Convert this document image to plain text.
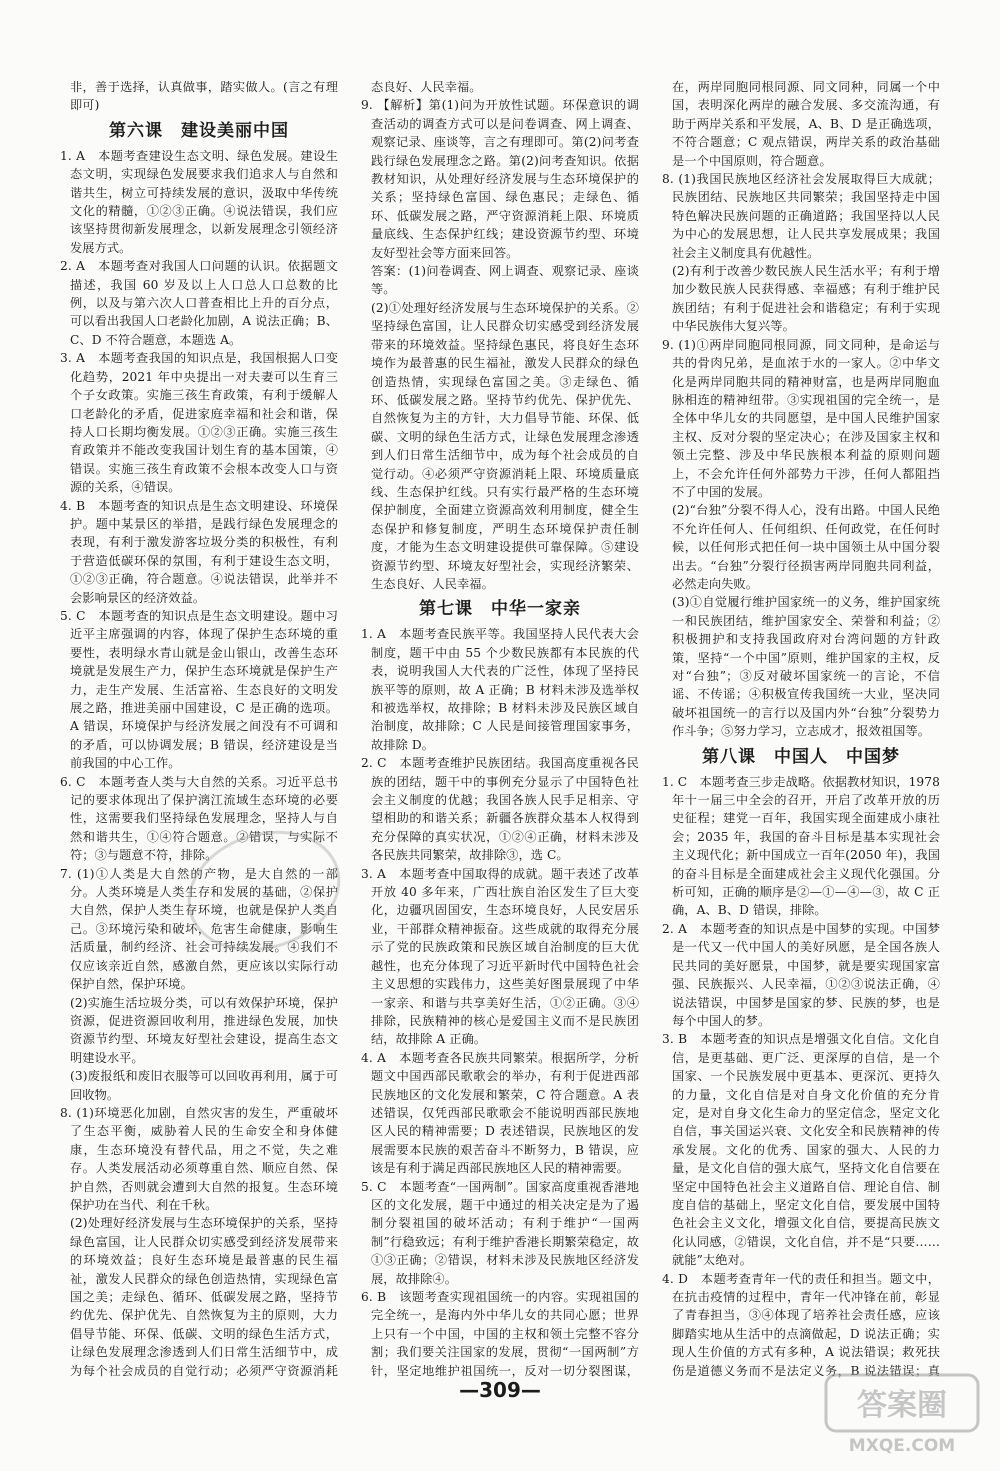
非，善于选择，认真做事，踏实做人。(言之有理即可)

第六课　建设美丽中国

1. A　本题考查建设生态文明、绿色发展。建设生态文明，实现绿色发展要求我们追求人与自然和谐共生，树立可持续发展的意识，汲取中华传统文化的精髓，①②③正确。④说法错误，我们应该坚持贯彻新发展理念，以新发展理念引领经济发展方式。

2. A　本题考查对我国人口问题的认识。依据题文描述，我国 60 岁及以上人口总人口总数的比例，以及与第六次人口普查相比上升的百分点，可以看出我国人口老龄化加剧，A 说法正确；B、C、D 不符合题意，本题选 A。

3. A　本题考查我国的知识点是，我国根据人口变化趋势，2021 年中央提出一对夫妻可以生育三个子女政策。实施三孩生育政策，有利于缓解人口老龄化的矛盾，促进家庭幸福和社会和谐，保持人口长期均衡发展。①②③正确。实施三孩生育政策并不能改变我国计划生育的基本国策，④错误。实施三孩生育政策不会根本改变人口与资源的关系，④错误。

4. B　本题考查的知识点是生态文明建设、环境保护。题中某景区的举措，是践行绿色发展理念的表现，有利于激发游客垃圾分类的积极性，有利于营造低碳环保的氛围，有利于建设生态文明，①②③正确，符合题意。④说法错误，此举并不会影响景区的经济效益。

5. C　本题考查的知识点是生态文明建设。题中习近平主席强调的内容，体现了保护生态环境的重要性，表明绿水青山就是金山银山，改善生态环境就是发展生产力，保护生态环境就是保护生产力，走生产发展、生活富裕、生态良好的文明发展之路，推进美丽中国建设，C 是正确的选项。A 错误，环境保护与经济发展之间没有不可调和的矛盾，可以协调发展；B 错误，经济建设是当前我国的中心工作。

6. C　本题考查人类与大自然的关系。习近平总书记的要求体现出了保护漓江流域生态环境的必要性，这需要我们坚持绿色发展理念，坚持人与自然和谐共生，①④符合题意。②错误，与实际不符；③与题意不符，排除。

7. (1)①人类是大自然的产物，是大自然的一部分。人类环境是人类生存和发展的基础，②保护大自然，保护人类生存环境，也就是保护人类自己。③环境污染和破坏，危害生命健康，影响生活质量，制约经济、社会可持续发展。④我们不仅应该亲近自然，感激自然，更应该以实际行动保护自然，保护环境。

(2)实施生活垃圾分类，可以有效保护环境，保护资源，促进资源回收利用，推进绿色发展，加快资源节约型、环境友好型社会建设，提高生态文明建设水平。

(3)废报纸和废旧衣服等可以回收再利用，属于可回收物。

8. (1)环境恶化加剧，自然灾害的发生，严重破坏了生态平衡，威胁着人民的生命安全和身体健康，生态环境没有替代品，用之不觉，失之难存。人类发展活动必须尊重自然、顺应自然、保护自然，否则就会遭到大自然的报复。生态环境保护功在当代、利在千秋。

(2)处理好经济发展与生态环境保护的关系，坚持绿色富国，让人民群众切实感受到经济发展带来的环境效益；良好生态环境是最普惠的民生福祉，激发人民群众的绿色创造热情，实现绿色富国之美；走绿色、循环、低碳发展之路，坚持节约优先、保护优先、自然恢复为主的原则，大力倡导节能、环保、低碳、文明的绿色生活方式，让绿色发展理念渗透到人们日常生活细节中，成为每个社会成员的自觉行动；必须严守资源消耗

态良好、人民幸福。

9. 【解析】第(1)问为开放性试题。环保意识的调查活动的调查方式可以是问卷调查、网上调查、观察记录、座谈等，言之有理即可。第(2)问考查践行绿色发展理念之路。第(2)问考查知识。依据教材知识，从处理好经济发展与生态环境保护的关系；坚持绿色富国、绿色惠民；走绿色、循环、低碳发展之路，严守资源消耗上限、环境质量底线、生态保护红线；建设资源节约型、环境友好型社会等方面来回答。

答案：(1)问卷调查、网上调查、观察记录、座谈等。

(2)①处理好经济发展与生态环境保护的关系。②坚持绿色富国，让人民群众切实感受到经济发展带来的环境效益。坚持绿色惠民，将良好生态环境作为最普惠的民生福祉，激发人民群众的绿色创造热情，实现绿色富国之美。③走绿色、循环、低碳发展之路。坚持节约优先、保护优先、自然恢复为主的方针，大力倡导节能、环保、低碳、文明的绿色生活方式，让绿色发展理念渗透到人们日常生活细节中，成为每个社会成员的自觉行动。④必须严守资源消耗上限、环境质量底线、生态保护红线。只有实行最严格的生态环境保护制度，全面建立资源高效利用制度，健全生态保护和修复制度，严明生态环境保护责任制度，才能为生态文明建设提供可靠保障。⑤建设资源节约型、环境友好型社会，实现经济繁荣、生态良好、人民幸福。

第七课　中华一家亲

1. A　本题考查民族平等。我国坚持人民代表大会制度，题干中由 55 个少数民族都有本民族的代表，说明我国人大代表的广泛性，体现了坚持民族平等的原则，故 A 正确；B 材料未涉及选举权和被选举权，故排除；B 材料未涉及民族区域自治制度，故排除；C 人民是间接管理国家事务，故排除 D。

2. C　本题考查维护民族团结。我国高度重视各民族的团结，题干中的事例充分显示了中国特色社会主义制度的优越；我国各族人民手足相亲、守望相助的和谐关系；新疆各族群众基本人权得到充分保障的真实状况，①②④正确，材料未涉及各民族共同繁荣，故排除③，选 C。

3. A　本题考查中国取得的成就。题干表述了改革开放 40 多年来，广西壮族自治区发生了巨大变化，边疆巩固国安，生态环境良好，人民安居乐业，干部群众精神振奋。这些成就的取得充分展示了党的民族政策和民族区域自治制度的巨大优越性，也充分体现了习近平新时代中国特色社会主义思想的实践伟力，这些美好图景展现了中华一家亲、和谐与共享美好生活，①②正确。③④排除，民族精神的核心是爱国主义而不是民族团结，故排除 A 正确。

4. A　本题考查各民族共同繁荣。根据所学，分析题文中国西部民歌歌会的举办，有利于促进西部民族地区的文化发展和繁荣，C 符合题意。A 表述错误，仅凭西部民歌歌会不能说明西部民族地区人民的精神需要；D 表述错误，民族地区的发展需要本民族的艰苦奋斗不断努力，B 错误，应该是有利于满足西部民族地区人民的精神需要。

5. C　本题考查“一国两制”。国家高度重视香港地区的文化发展，题干中通过的相关决定是为了遏制分裂祖国的破坏活动；有利于维护“一国两制”行稳致远；有利于维护香港长期繁荣稳定，故①③正确；②错误，材料未涉及民族地区经济发展，故排除④。

6. B　该题考查实现祖国统一的内容。实现祖国的完全统一，是海内外中华儿女的共同心愿；世界上只有一个中国，中国的主权和领土完整不容分割；我们要关注国家的发展，贯彻“一国两制”方针，坚定地维护祖国统一，反对一切分裂图谋，

在，两岸同胞同根同源、同文同种，同属一个中国，表明深化两岸的融合发展、多交流沟通，有助于两岸关系和平发展，A、B、D 是正确选项，不符合题意；C 观点错误，两岸关系的政治基础是一个中国原则，符合题意。

8. (1)我国民族地区经济社会发展取得巨大成就；民族团结、民族地区共同繁荣；我国坚持走中国特色解决民族问题的正确道路；我国坚持以人民为中心的发展思想，让人民共享发展成果；我国社会主义制度具有优越性。

(2)有利于改善少数民族人民生活水平；有利于增加少数民族人民获得感、幸福感；有利于维护民族团结；有利于促进社会和谐稳定；有利于实现中华民族伟大复兴等。

9. (1)①两岸同胞同根同源，同文同种，是命运与共的骨肉兄弟，是血浓于水的一家人。②中华文化是两岸同胞共同的精神财富，也是两岸同胞血脉相连的精神纽带。③实现祖国的完全统一，是全体中华儿女的共同愿望，是中国人民维护国家主权、反对分裂的坚定决心；在涉及国家主权和领土完整、涉及中华民族根本利益的原则问题上，不会允许任何外部势力干涉，任何人都阻挡不了中国的发展。

(2)“台独”分裂不得人心，没有出路。中国人民绝不允许任何人、任何组织、任何政党，在任何时候，以任何形式把任何一块中国领土从中国分裂出去。“台独”分裂行径损害两岸同胞共同利益，必然走向失败。

(3)①自觉履行维护国家统一的义务，维护国家统一和民族团结，维护国家安全、荣誉和利益；②积极拥护和支持我国政府对台湾问题的方针政策，坚持“一个中国”原则，维护国家的主权，反对“台独”；③反对破坏国家统一的言论，不信谣、不传谣；④积极宣传我国统一大业，坚决同破坏祖国统一的言行以及国内外“台独”分裂势力作斗争；⑤努力学习，立志成才，报效祖国等。

第八课　中国人　中国梦

1. C　本题考查三步走战略。依据教材知识，1978 年十一届三中全会的召开，开启了改革开放的历史征程；建党一百年，我国实现全面建成小康社会；2035 年，我国的奋斗目标是基本实现社会主义现代化；新中国成立一百年(2050 年)，我国的奋斗目标是全面建成社会主义现代化强国。分析可知，正确的顺序是②—①—④—③，故 C 正确，A、B、D 错误，排除。

2. A　本题考查的知识点是中国梦的实现。中国梦是一代又一代中国人的美好夙愿，是全国各族人民共同的美好愿景，中国梦，就是要实现国家富强、民族振兴、人民幸福，①②③说法正确，④说法错误，中国梦是国家的梦、民族的梦，也是每个中国人的梦。

3. B　本题考查的知识点是增强文化自信。文化自信，是更基础、更广泛、更深厚的自信，是一个国家、一个民族发展中更基本、更深沉、更持久的力量，文化自信是对自身文化价值的充分肯定，是对自身文化生命力的坚定信念，坚定文化自信，事关国运兴衰、文化安全和民族精神的传承发展。文化的优秀、国家的强大、人民的力量，是文化自信的强大底气，坚持文化自信要在坚定中国特色社会主义道路自信、理论自信、制度自信的基础上，坚定文化自信，要发展中国特色社会主义文化，增强文化自信，要提高民族文化认同感，②错误，文化自信，并不是“只要……就能”太绝对。

4. D　本题考查青年一代的责任和担当。题文中，在抗击疫情的过程中，青年一代冲锋在前，彰显了青春担当，③④体现了培养社会责任感，应该脚踏实地从生活中的点滴做起，D 说法正确；实现人生价值的方式有多种，A 说法错误；救死扶伤是道德义务而不是法定义务，B 说法错误；真

—309—	答案圈
MXQE.COM
